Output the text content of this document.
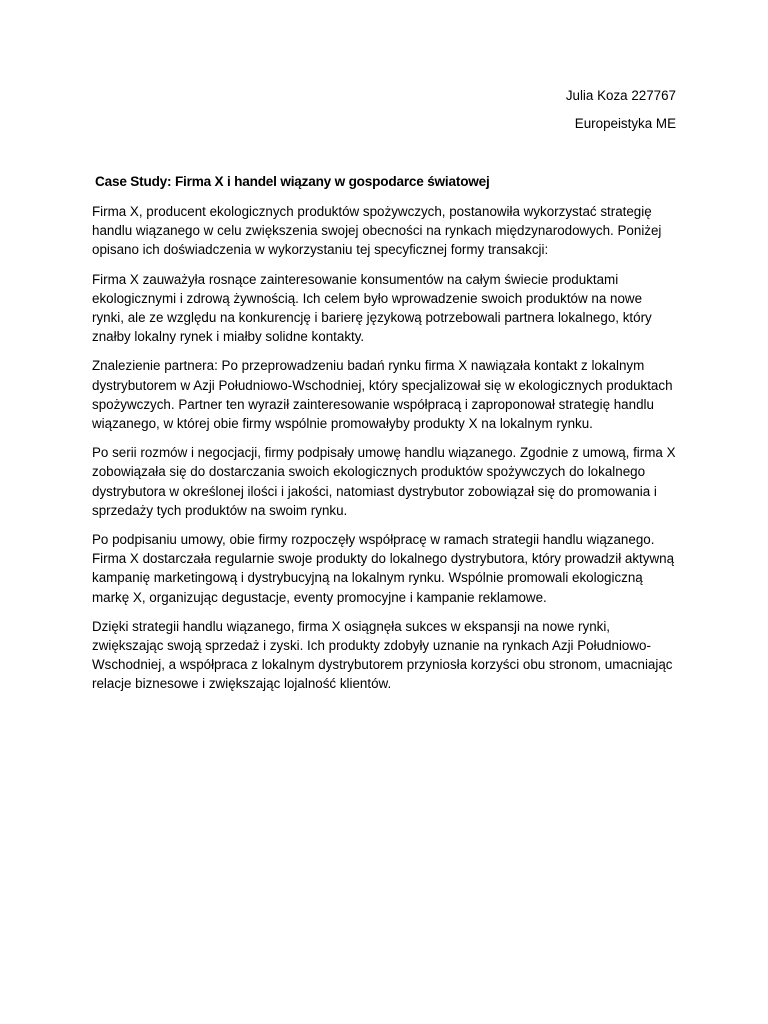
Julia Koza 227767
Europeistyka ME
Case Study: Firma X i handel wiązany w gospodarce światowej

Firma X, producent ekologicznych produktów spożywczych, postanowiła wykorzystać strategię handlu wiązanego w celu zwiększenia swojej obecności na rynkach międzynarodowych. Poniżej opisano ich doświadczenia w wykorzystaniu tej specyficznej formy transakcji:

Firma X zauważyła rosnące zainteresowanie konsumentów na całym świecie produktami ekologicznymi i zdrową żywnością. Ich celem było wprowadzenie swoich produktów na nowe rynki, ale ze względu na konkurencję i barierę językową potrzebowali partnera lokalnego, który znałby lokalny rynek i miałby solidne kontakty.

Znalezienie partnera: Po przeprowadzeniu badań rynku firma X nawiązała kontakt z lokalnym dystrybutorem w Azji Południowo-Wschodniej, który specjalizował się w ekologicznych produktach spożywczych. Partner ten wyraził zainteresowanie współpracą i zaproponował strategię handlu wiązanego, w której obie firmy wspólnie promowałyby produkty X na lokalnym rynku.

Po serii rozmów i negocjacji, firmy podpisały umowę handlu wiązanego. Zgodnie z umową, firma X zobowiązała się do dostarczania swoich ekologicznych produktów spożywczych do lokalnego dystrybutora w określonej ilości i jakości, natomiast dystrybutor zobowiązał się do promowania i sprzedaży tych produktów na swoim rynku.

Po podpisaniu umowy, obie firmy rozpoczęły współpracę w ramach strategii handlu wiązanego. Firma X dostarczała regularnie swoje produkty do lokalnego dystrybutora, który prowadził aktywną kampanię marketingową i dystrybucyjną na lokalnym rynku. Wspólnie promowali ekologiczną markę X, organizując degustacje, eventy promocyjne i kampanie reklamowe.

Dzięki strategii handlu wiązanego, firma X osiągnęła sukces w ekspansji na nowe rynki, zwiększając swoją sprzedaż i zyski. Ich produkty zdobyły uznanie na rynkach Azji Południowo-Wschodniej, a współpraca z lokalnym dystrybutorem przyniosła korzyści obu stronom, umacniając relacje biznesowe i zwiększając lojalność klientów.
